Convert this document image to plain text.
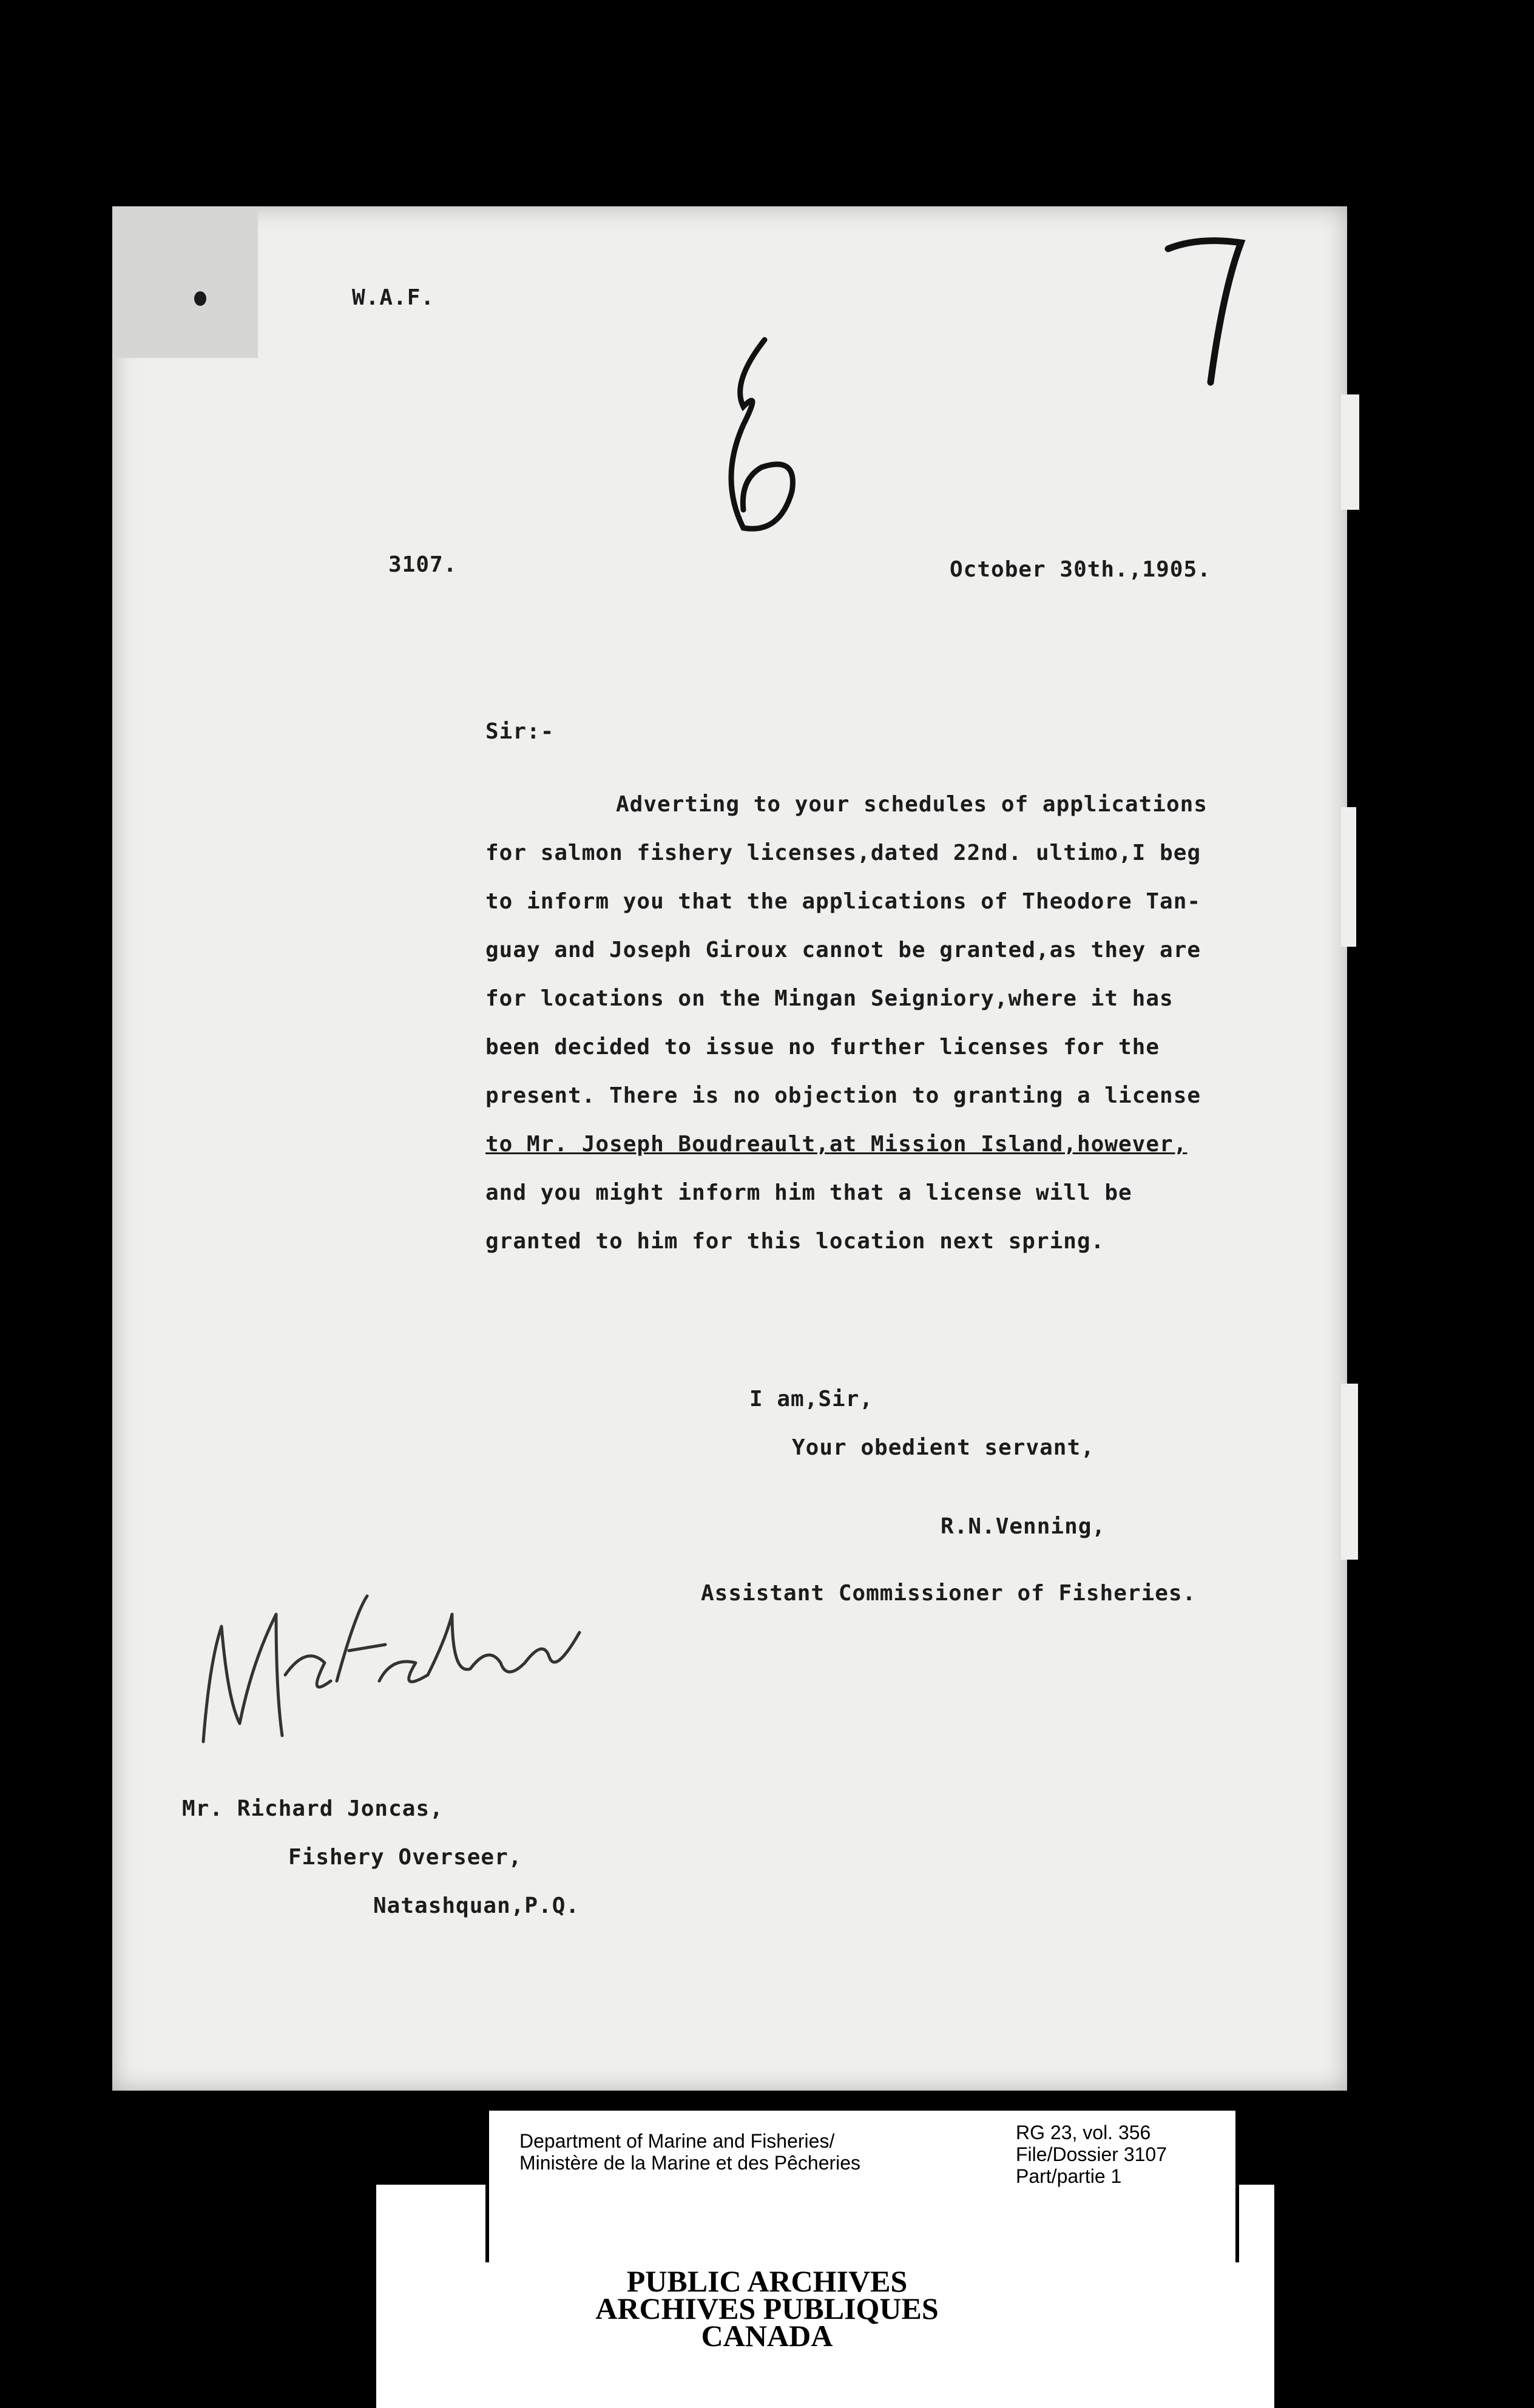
W.A.F.
3107.	October 30th.,1905.
Sir:-
Adverting to your schedules of applications
for salmon fishery licenses,dated 22nd. ultimo,I beg
to inform you that the applications of Theodore Tan-
guay and Joseph Giroux cannot be granted,as they are
for locations on the Mingan Seigniory,where it has
been decided to issue no further licenses for the
present. There is no objection to granting a license
to Mr. Joseph Boudreault,at Mission Island,however,
and you might inform him that a license will be
granted to him for this location next spring.
I am,Sir,
Your obedient servant,
R.N.Venning,
Assistant Commissioner of Fisheries.
Mr. Richard Joncas,
Fishery Overseer,
Natashquan,P.Q.
Department of Marine and Fisheries/
Ministère de la Marine et des Pêcheries
RG 23, vol. 356
File/Dossier 3107
Part/partie 1
PUBLIC ARCHIVES
ARCHIVES PUBLIQUES
CANADA
